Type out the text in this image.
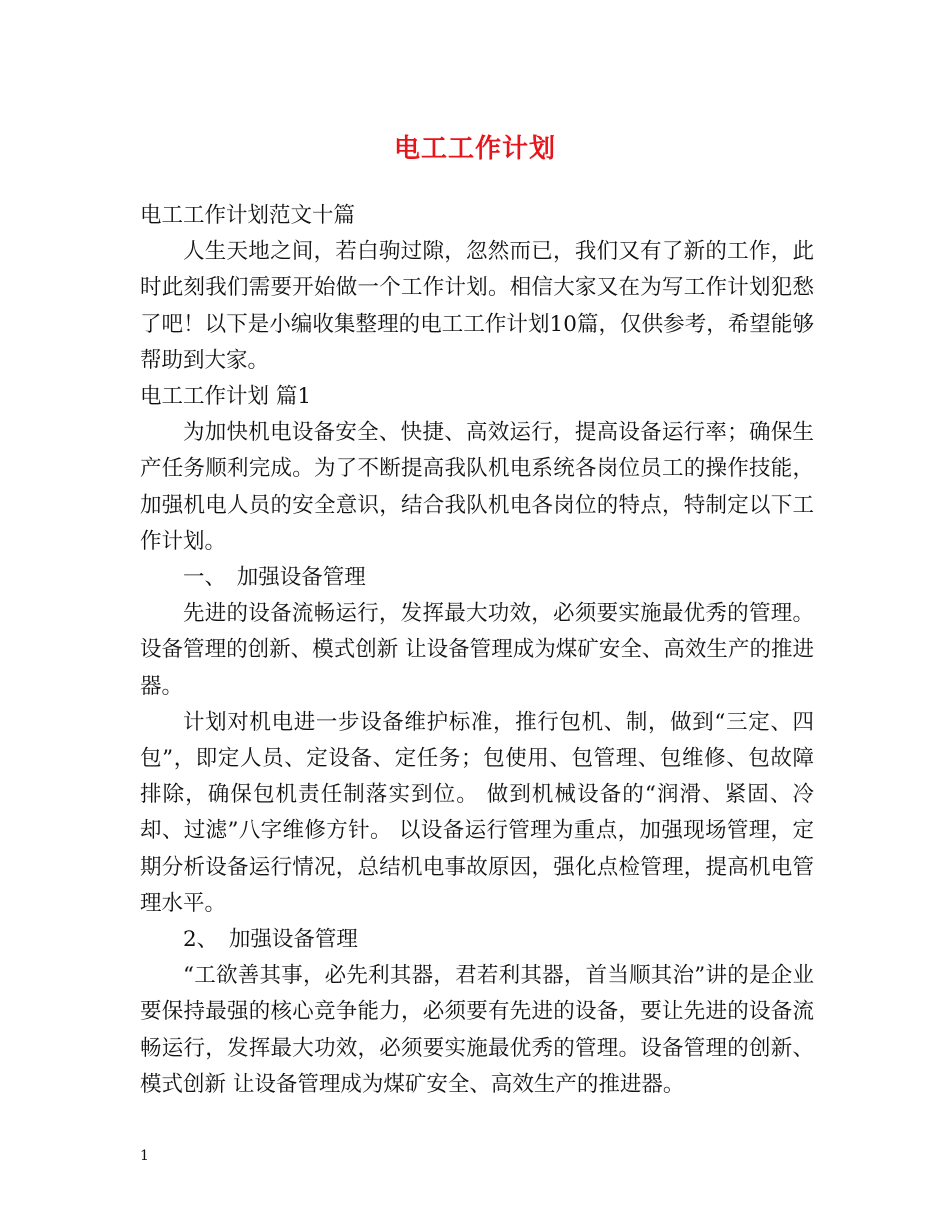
电工工作计划

电工工作计划范文十篇

人生天地之间，若白驹过隙，忽然而已，我们又有了新的工作，此时此刻我们需要开始做一个工作计划。相信大家又在为写工作计划犯愁了吧！以下是小编收集整理的电工工作计划10篇，仅供参考，希望能够帮助到大家。

电工工作计划 篇1

为加快机电设备安全、快捷、高效运行，提高设备运行率；确保生产任务顺利完成。为了不断提高我队机电系统各岗位员工的操作技能，加强机电人员的安全意识，结合我队机电各岗位的特点，特制定以下工作计划。

一、　加强设备管理

先进的设备流畅运行，发挥最大功效，必须要实施最优秀的管理。设备管理的创新、模式创新 让设备管理成为煤矿安全、高效生产的推进器。

计划对机电进一步设备维护标准，推行包机、制，做到“三定、四包”，即定人员、定设备、定任务；包使用、包管理、包维修、包故障排除，确保包机责任制落实到位。 做到机械设备的“润滑、紧固、冷却、过滤”八字维修方针。 以设备运行管理为重点，加强现场管理，定期分析设备运行情况，总结机电事故原因，强化点检管理，提高机电管理水平。

2、　加强设备管理

“工欲善其事，必先利其器，君若利其器，首当顺其治”讲的是企业要保持最强的核心竞争能力，必须要有先进的设备，要让先进的设备流畅运行，发挥最大功效，必须要实施最优秀的管理。设备管理的创新、模式创新 让设备管理成为煤矿安全、高效生产的推进器。

1
